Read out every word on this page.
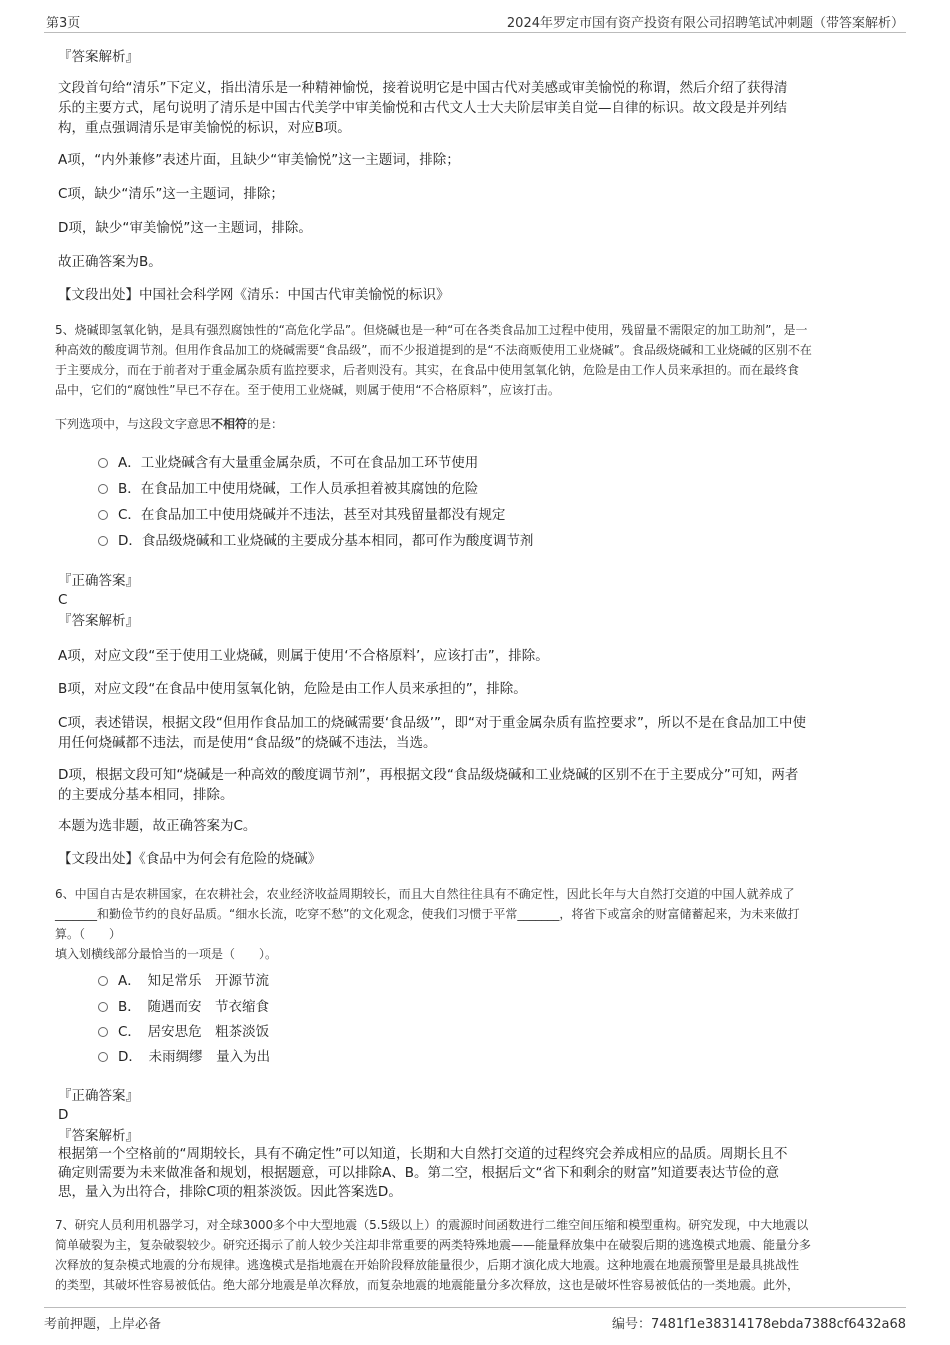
第3页	2024年罗定市国有资产投资有限公司招聘笔试冲刺题（带答案解析）
『答案解析』
文段首句给“清乐”下定义，指出清乐是一种精神愉悦，接着说明它是中国古代对美感或审美愉悦的称谓，然后介绍了获得清
乐的主要方式，尾句说明了清乐是中国古代美学中审美愉悦和古代文人士大夫阶层审美自觉—自律的标识。故文段是并列结
构，重点强调清乐是审美愉悦的标识，对应B项。
A项，“内外兼修”表述片面，且缺少“审美愉悦”这一主题词，排除；
C项，缺少“清乐”这一主题词，排除；
D项，缺少“审美愉悦”这一主题词，排除。
故正确答案为B。
【文段出处】中国社会科学网《清乐：中国古代审美愉悦的标识》
5、烧碱即氢氧化钠，是具有强烈腐蚀性的“高危化学品”。但烧碱也是一种“可在各类食品加工过程中使用，残留量不需限定的加工助剂”，是一
种高效的酸度调节剂。但用作食品加工的烧碱需要“食品级”，而不少报道提到的是“不法商贩使用工业烧碱”。食品级烧碱和工业烧碱的区别不在
于主要成分，而在于前者对于重金属杂质有监控要求，后者则没有。其实，在食品中使用氢氧化钠，危险是由工作人员来承担的。而在最终食
品中，它们的“腐蚀性”早已不存在。至于使用工业烧碱，则属于使用“不合格原料”，应该打击。
下列选项中，与这段文字意思不相符的是：
A．工业烧碱含有大量重金属杂质，不可在食品加工环节使用
B．在食品加工中使用烧碱，工作人员承担着被其腐蚀的危险
C．在食品加工中使用烧碱并不违法，甚至对其残留量都没有规定
D．食品级烧碱和工业烧碱的主要成分基本相同，都可作为酸度调节剂
『正确答案』
C
『答案解析』
A项，对应文段“至于使用工业烧碱，则属于使用‘不合格原料’，应该打击”，排除。
B项，对应文段“在食品中使用氢氧化钠，危险是由工作人员来承担的”，排除。
C项，表述错误，根据文段“但用作食品加工的烧碱需要‘食品级’”，即“对于重金属杂质有监控要求”，所以不是在食品加工中使
用任何烧碱都不违法，而是使用“食品级”的烧碱不违法，当选。
D项，根据文段可知“烧碱是一种高效的酸度调节剂”，再根据文段“食品级烧碱和工业烧碱的区别不在于主要成分”可知，两者
的主要成分基本相同，排除。
本题为选非题，故正确答案为C。
【文段出处】《食品中为何会有危险的烧碱》
6、中国自古是农耕国家，在农耕社会，农业经济收益周期较长，而且大自然往往具有不确定性，因此长年与大自然打交道的中国人就养成了
_______和勤俭节约的良好品质。“细水长流，吃穿不愁”的文化观念，使我们习惯于平常_______，将省下或富余的财富储蓄起来，为未来做打
算。（　　）
填入划横线部分最恰当的一项是（　　）。
A．　知足常乐　开源节流
B．　随遇而安　节衣缩食
C．　居安思危　粗茶淡饭
D．　未雨绸缪　量入为出
『正确答案』
D
『答案解析』
根据第一个空格前的“周期较长，具有不确定性”可以知道，长期和大自然打交道的过程终究会养成相应的品质。周期长且不
确定则需要为未来做准备和规划，根据题意，可以排除A、B。第二空，根据后文“省下和剩余的财富”知道要表达节俭的意
思，量入为出符合，排除C项的粗茶淡饭。因此答案选D。
7、研究人员利用机器学习，对全球3000多个中大型地震（5.5级以上）的震源时间函数进行二维空间压缩和模型重构。研究发现，中大地震以
简单破裂为主，复杂破裂较少。研究还揭示了前人较少关注却非常重要的两类特殊地震——能量释放集中在破裂后期的逃逸模式地震、能量分多
次释放的复杂模式地震的分布规律。逃逸模式是指地震在开始阶段释放能量很少，后期才演化成大地震。这种地震在地震预警里是最具挑战性
的类型，其破坏性容易被低估。绝大部分地震是单次释放，而复杂地震的地震能量分多次释放，这也是破坏性容易被低估的一类地震。此外，
考前押题，上岸必备	编号：7481f1e38314178ebda7388cf6432a68
